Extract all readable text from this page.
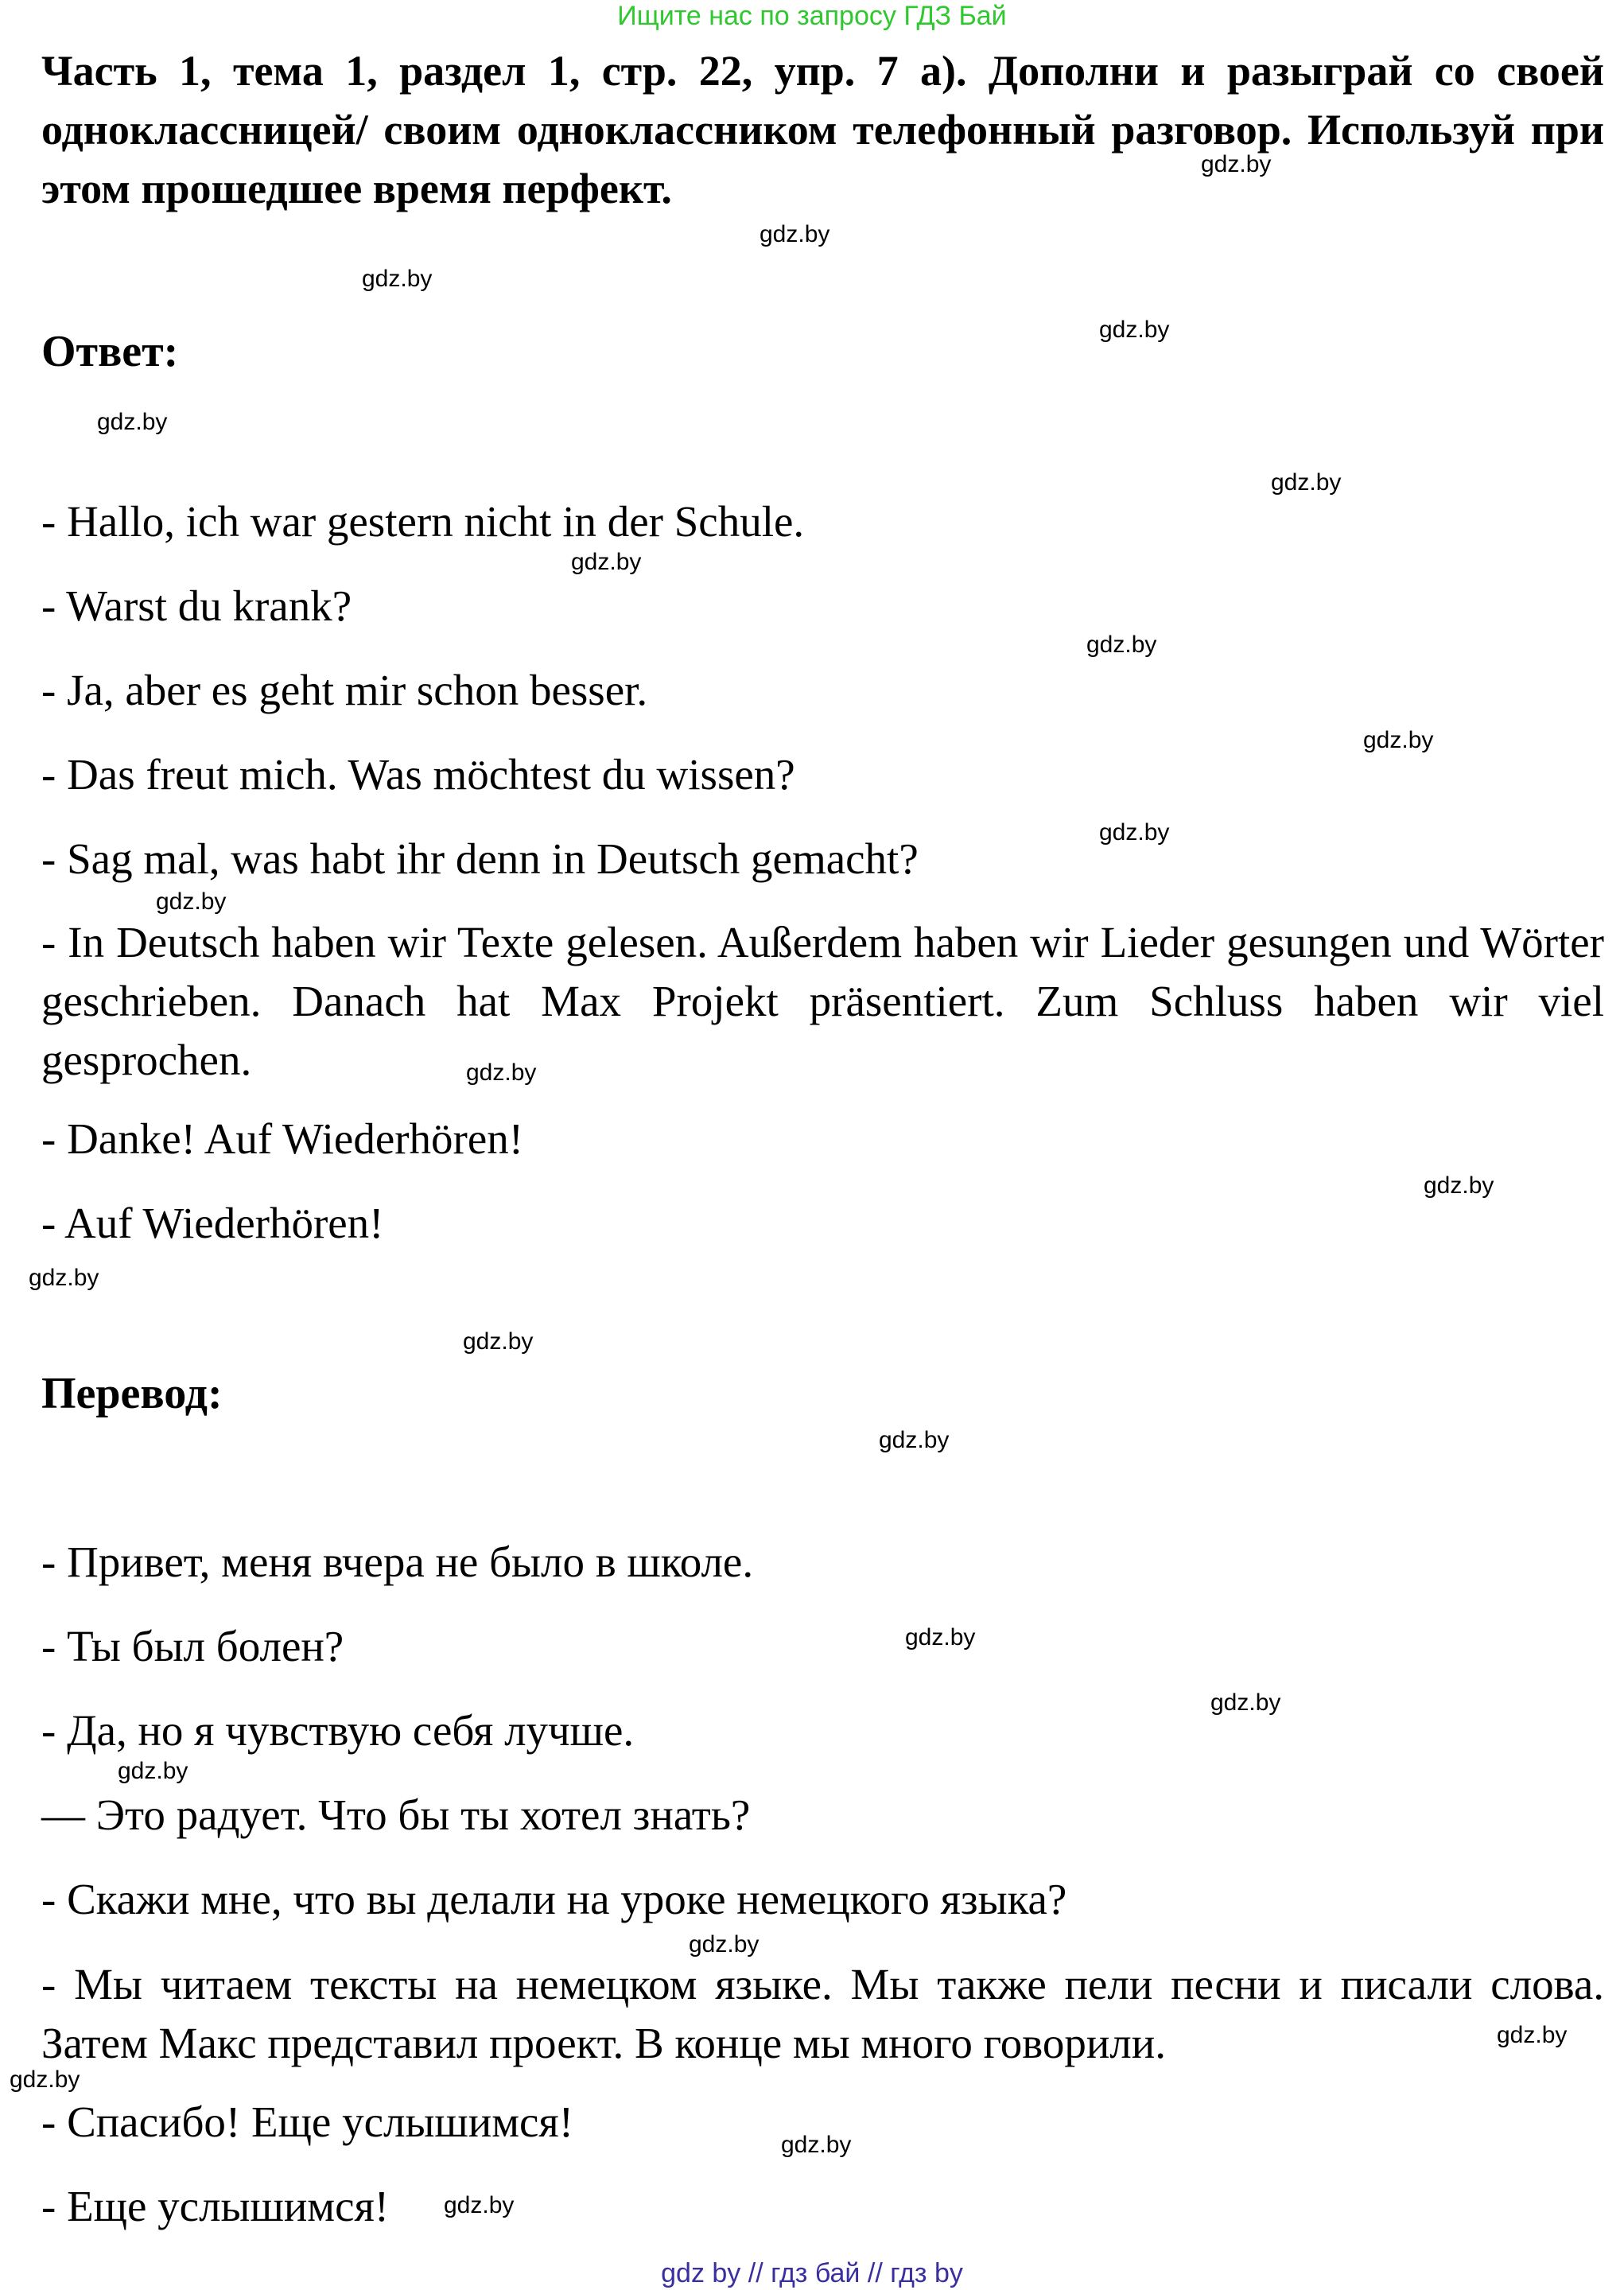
Ищите нас по запросу ГДЗ Бай
Часть 1, тема 1, раздел 1, стр. 22, упр. 7 а). Дополни и разыграй со своей одноклассницей/ своим одноклассником телефонный разговор. Используй при этом прошедшее время перфект.
Ответ:
- Hallo, ich war gestern nicht in der Schule.
- Warst du krank?
- Ja, aber es geht mir schon besser.
- Das freut mich. Was möchtest du wissen?
- Sag mal, was habt ihr denn in Deutsch gemacht?
- In Deutsch haben wir Texte gelesen. Außerdem haben wir Lieder gesungen und Wörter geschrieben. Danach hat Max Projekt präsentiert. Zum Schluss haben wir viel gesprochen.
- Danke! Auf Wiederhören!
- Auf Wiederhören!
Перевод:
- Привет, меня вчера не было в школе.
- Ты был болен?
- Да, но я чувствую себя лучше.
— Это радует. Что бы ты хотел знать?
- Скажи мне, что вы делали на уроке немецкого языка?
- Мы читаем тексты на немецком языке. Мы также пели песни и писали слова. Затем Макс представил проект. В конце мы много говорили.
- Спасибо! Еще услышимся!
- Еще услышимся!
gdz.by
gdz.by
gdz.by
gdz.by
gdz.by
gdz.by
gdz.by
gdz.by
gdz.by
gdz.by
gdz.by
gdz.by
gdz.by
gdz.by
gdz.by
gdz.by
gdz.by
gdz.by
gdz.by
gdz.by
gdz.by
gdz.by
gdz.by
gdz.by
gdz by // гдз бай // гдз by
